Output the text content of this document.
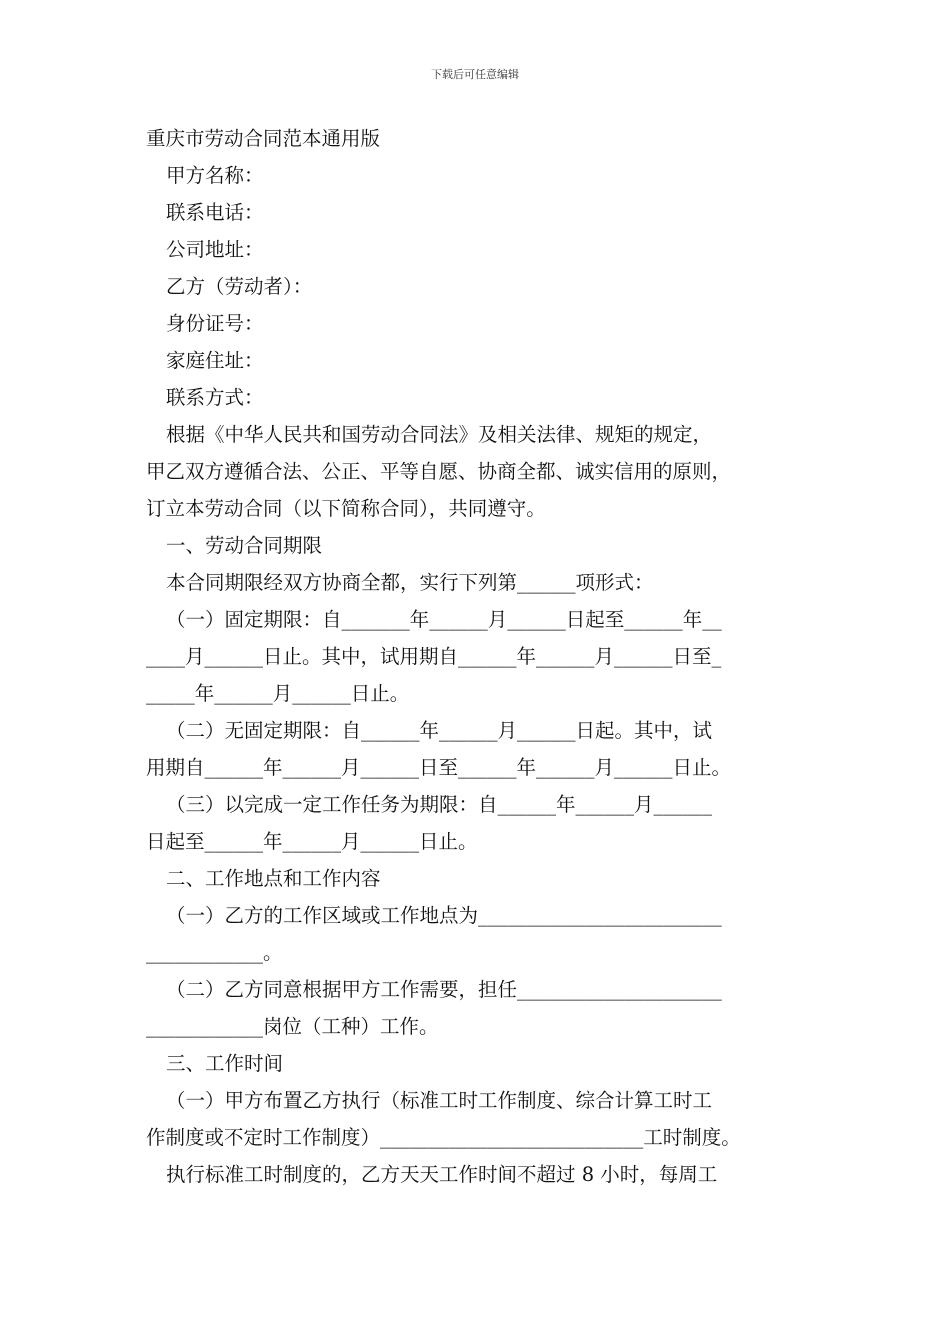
下载后可任意编辑
重庆市劳动合同范本通用版
甲方名称：
联系电话：
公司地址：
乙方（劳动者）：
身份证号：
家庭住址：
联系方式：
根据《中华人民共和国劳动合同法》及相关法律、规矩的规定，
甲乙双方遵循合法、公正、平等自愿、协商全都、诚实信用的原则，
订立本劳动合同（以下简称合同），共同遵守。
一、劳动合同期限
本合同期限经双方协商全都，实行下列第______项形式：
（一）固定期限：自_______年______月______日起至______年__
____月______日止。其中，试用期自______年______月______日至_
_____年______月______日止。
（二）无固定期限：自______年______月______日起。其中，试
用期自______年______月______日至______年______月______日止。
（三）以完成一定工作任务为期限：自______年______月______
日起至______年______月______日止。
二、工作地点和工作内容
（一）乙方的工作区域或工作地点为_________________________
____________。
（二）乙方同意根据甲方工作需要，担任_____________________
____________岗位（工种）工作。
三、工作时间
（一）甲方布置乙方执行（标准工时工作制度、综合计算工时工
作制度或不定时工作制度）___________________________工时制度。
执行标准工时制度的，乙方天天工作时间不超过 8 小时，每周工
